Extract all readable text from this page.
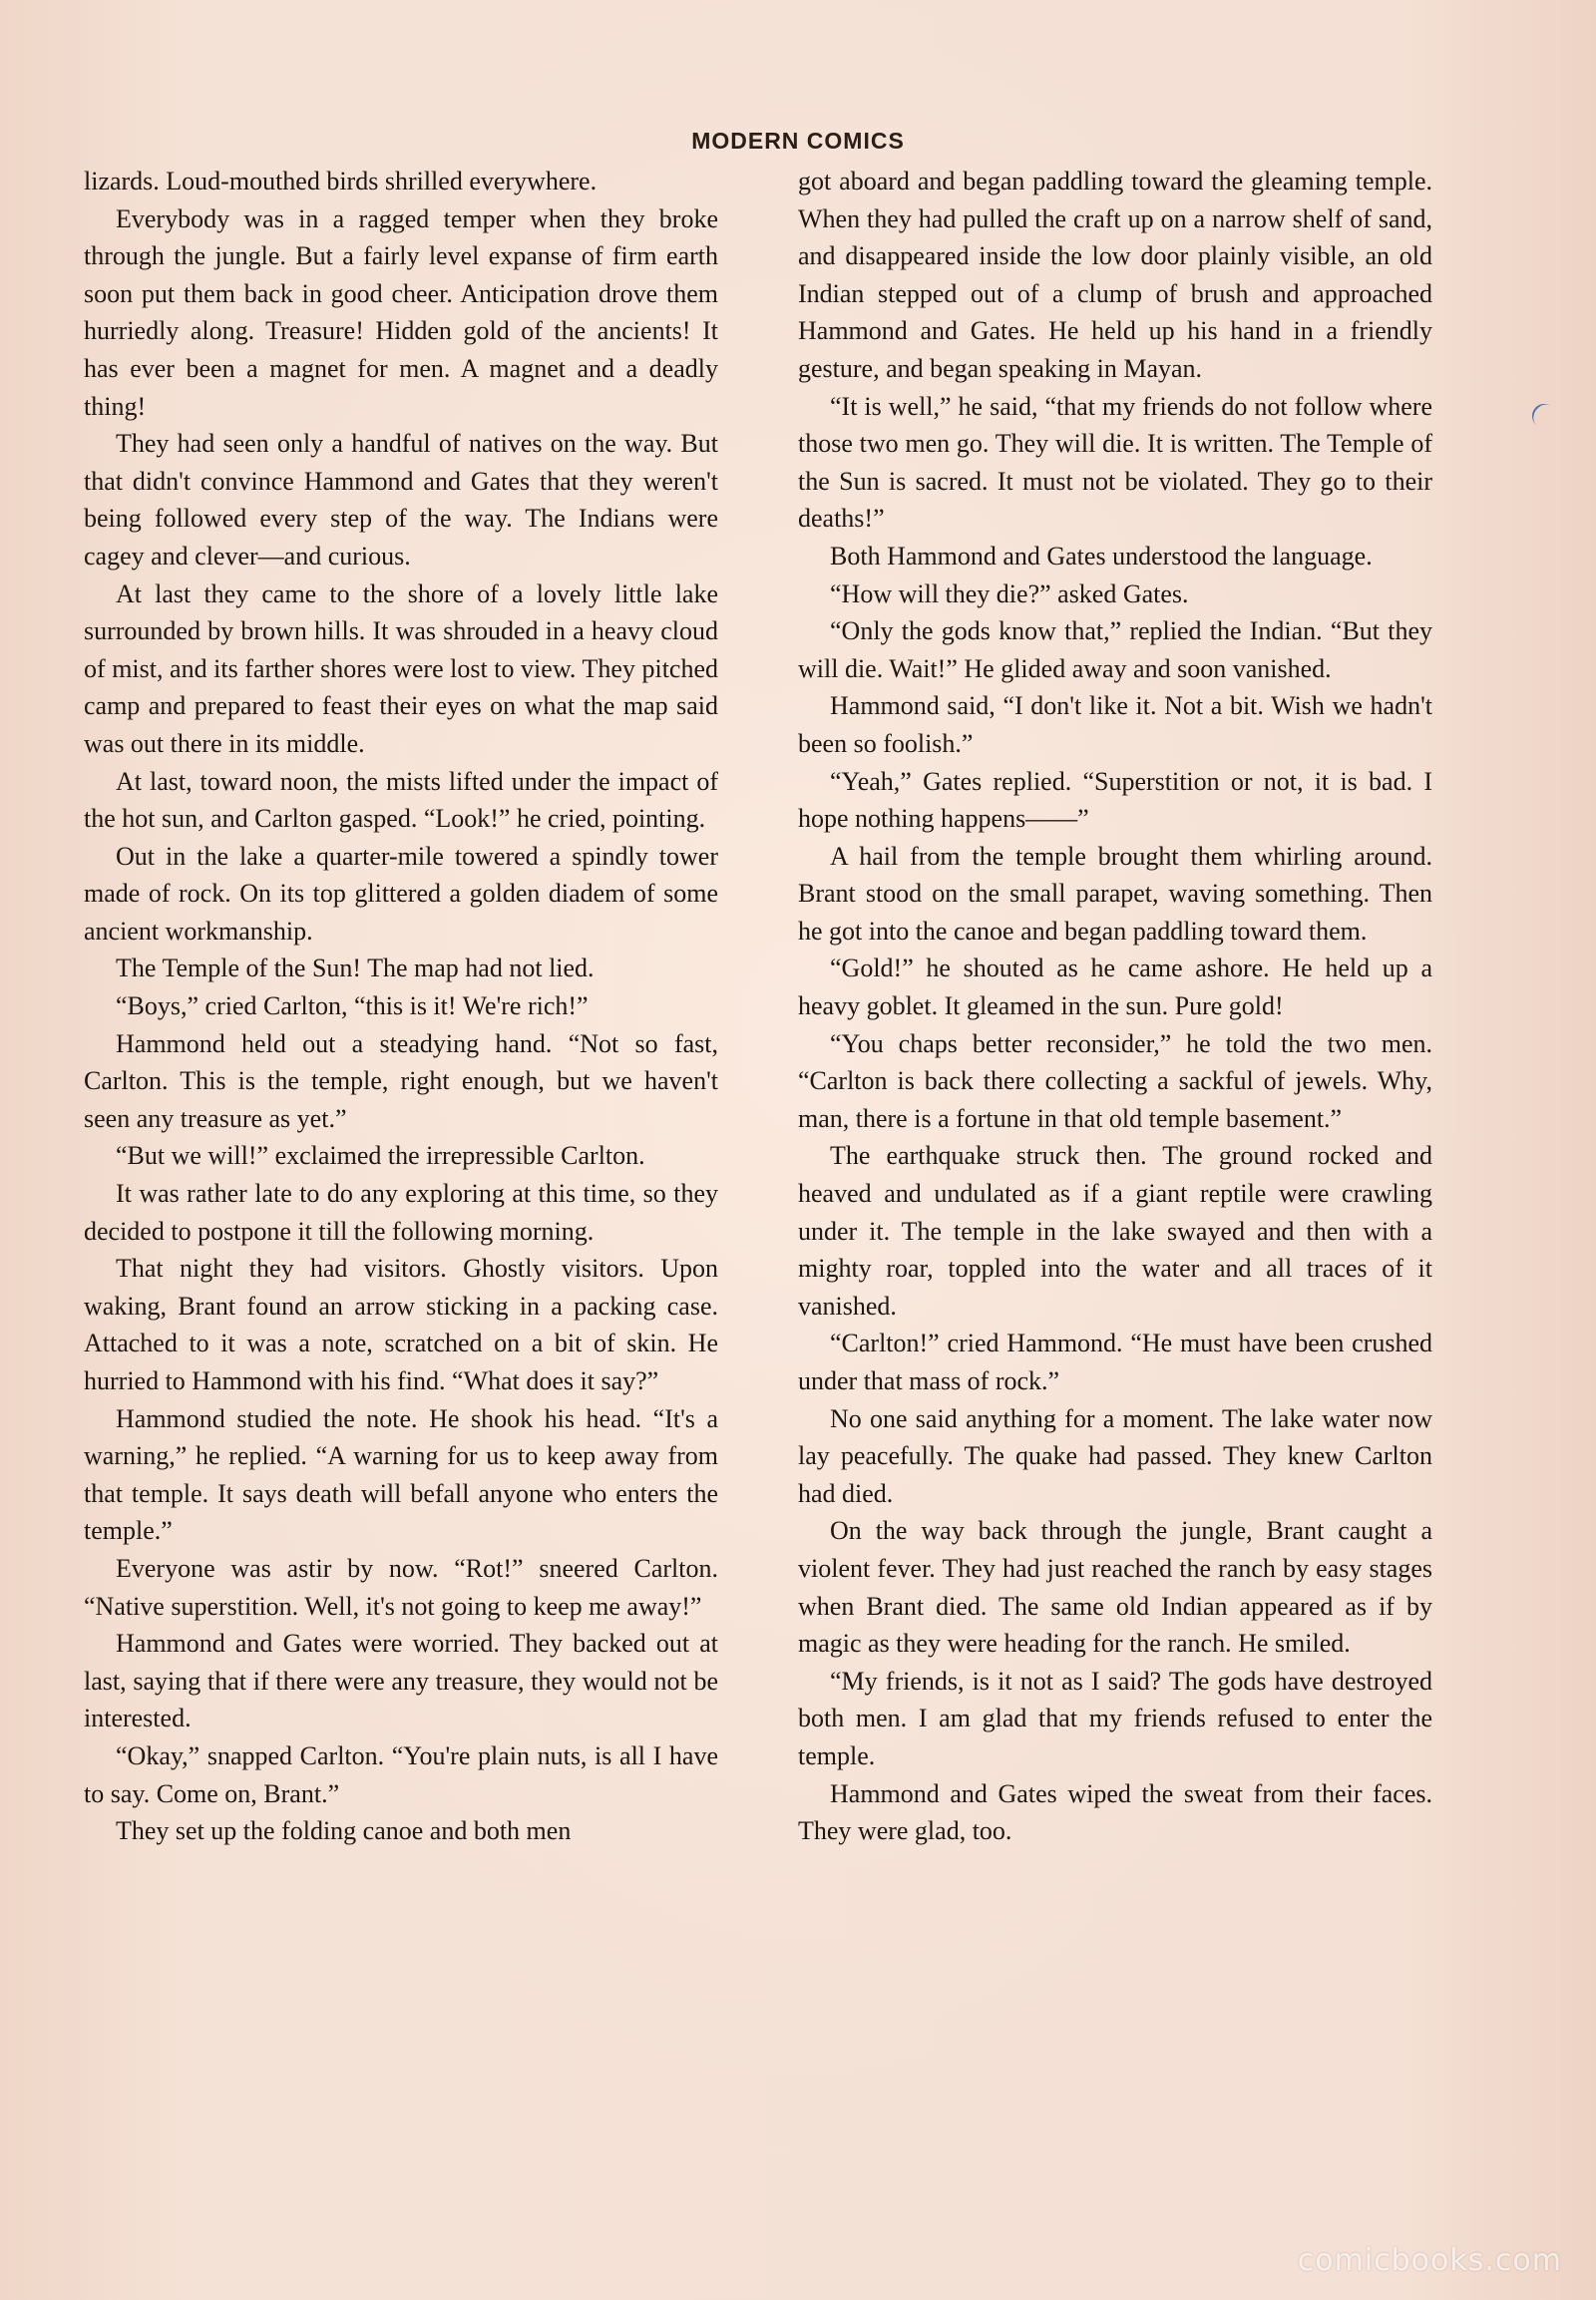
MODERN COMICS

lizards. Loud-mouthed birds shrilled everywhere.

Everybody was in a ragged temper when they broke through the jungle. But a fairly level expanse of firm earth soon put them back in good cheer. Anticipation drove them hurriedly along. Treasure! Hidden gold of the ancients! It has ever been a magnet for men. A magnet and a deadly thing!

They had seen only a handful of natives on the way. But that didn't convince Hammond and Gates that they weren't being followed every step of the way. The Indians were cagey and clever—and curious.

At last they came to the shore of a lovely little lake surrounded by brown hills. It was shrouded in a heavy cloud of mist, and its farther shores were lost to view. They pitched camp and prepared to feast their eyes on what the map said was out there in its middle.

At last, toward noon, the mists lifted under the impact of the hot sun, and Carlton gasped. “Look!” he cried, pointing.

Out in the lake a quarter-mile towered a spindly tower made of rock. On its top glittered a golden diadem of some ancient workmanship.

The Temple of the Sun! The map had not lied.

“Boys,” cried Carlton, “this is it! We're rich!”

Hammond held out a steadying hand. “Not so fast, Carlton. This is the temple, right enough, but we haven't seen any treasure as yet.”

“But we will!” exclaimed the irrepressible Carlton.

It was rather late to do any exploring at this time, so they decided to postpone it till the following morning.

That night they had visitors. Ghostly visitors. Upon waking, Brant found an arrow sticking in a packing case. Attached to it was a note, scratched on a bit of skin. He hurried to Hammond with his find. “What does it say?”

Hammond studied the note. He shook his head. “It's a warning,” he replied. “A warning for us to keep away from that temple. It says death will befall anyone who enters the temple.”

Everyone was astir by now. “Rot!” sneered Carlton. “Native superstition. Well, it's not going to keep me away!”

Hammond and Gates were worried. They backed out at last, saying that if there were any treasure, they would not be interested.

“Okay,” snapped Carlton. “You're plain nuts, is all I have to say. Come on, Brant.”

They set up the folding canoe and both men

got aboard and began paddling toward the gleaming temple. When they had pulled the craft up on a narrow shelf of sand, and disappeared inside the low door plainly visible, an old Indian stepped out of a clump of brush and approached Hammond and Gates. He held up his hand in a friendly gesture, and began speaking in Mayan.

“It is well,” he said, “that my friends do not follow where those two men go. They will die. It is written. The Temple of the Sun is sacred. It must not be violated. They go to their deaths!”

Both Hammond and Gates understood the language.

“How will they die?” asked Gates.

“Only the gods know that,” replied the Indian. “But they will die. Wait!” He glided away and soon vanished.

Hammond said, “I don't like it. Not a bit. Wish we hadn't been so foolish.”

“Yeah,” Gates replied. “Superstition or not, it is bad. I hope nothing happens——”

A hail from the temple brought them whirling around. Brant stood on the small parapet, waving something. Then he got into the canoe and began paddling toward them.

“Gold!” he shouted as he came ashore. He held up a heavy goblet. It gleamed in the sun. Pure gold!

“You chaps better reconsider,” he told the two men. “Carlton is back there collecting a sackful of jewels. Why, man, there is a fortune in that old temple basement.”

The earthquake struck then. The ground rocked and heaved and undulated as if a giant reptile were crawling under it. The temple in the lake swayed and then with a mighty roar, toppled into the water and all traces of it vanished.

“Carlton!” cried Hammond. “He must have been crushed under that mass of rock.”

No one said anything for a moment. The lake water now lay peacefully. The quake had passed. They knew Carlton had died.

On the way back through the jungle, Brant caught a violent fever. They had just reached the ranch by easy stages when Brant died. The same old Indian appeared as if by magic as they were heading for the ranch. He smiled.

“My friends, is it not as I said? The gods have destroyed both men. I am glad that my friends refused to enter the temple.

Hammond and Gates wiped the sweat from their faces. They were glad, too.

comicbooks.com
